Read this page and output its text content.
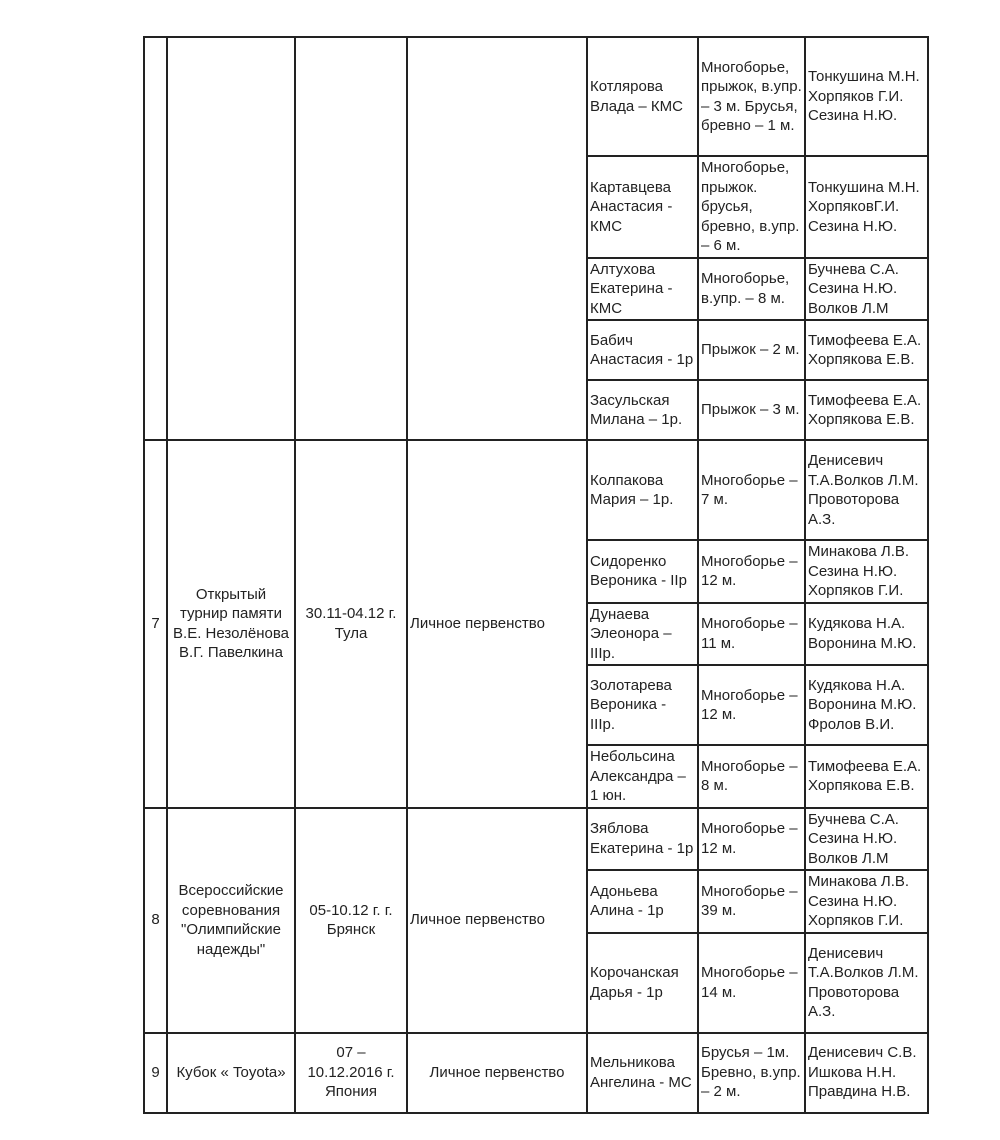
				Котлярова Влада – КМС	Многоборье, прыжок, в.упр. – 3 м. Брусья, бревно – 1 м.	Тонкушина М.Н. Хорпяков Г.И. Сезина Н.Ю.
				Картавцева Анастасия - КМС	Многоборье, прыжок. брусья, бревно, в.упр. – 6 м.	Тонкушина М.Н. ХорпяковГ.И. Сезина Н.Ю.
				Алтухова Екатерина - КМС	Многоборье, в.упр. – 8 м.	Бучнева С.А. Сезина Н.Ю. Волков Л.М
				Бабич Анастасия - 1р	Прыжок – 2 м.	Тимофеева Е.А. Хорпякова Е.В.
				Засульская Милана – 1р.	Прыжок – 3 м.	Тимофеева Е.А. Хорпякова Е.В.
7	Открытый турнир памяти В.Е. Незолёнова В.Г. Павелкина	30.11-04.12 г. Тула	Личное первенство	Колпакова Мария – 1р.	Многоборье – 7 м.	Денисевич Т.А.Волков Л.М. Провоторова А.З.
				Сидоренко Вероника - IIр	Многоборье – 12 м.	Минакова Л.В. Сезина Н.Ю. Хорпяков Г.И.
				Дунаева Элеонора – IIIр.	Многоборье – 11 м.	Кудякова Н.А. Воронина М.Ю.
				Золотарева Вероника - IIIр.	Многоборье – 12 м.	Кудякова Н.А. Воронина М.Ю. Фролов В.И.
				Небольсина Александра – 1 юн.	Многоборье – 8 м.	Тимофеева Е.А. Хорпякова Е.В.
8	Всероссийские соревнования "Олимпийские надежды"	05-10.12 г. г. Брянск	Личное первенство	Зяблова Екатерина - 1р	Многоборье – 12 м.	Бучнева С.А. Сезина Н.Ю. Волков Л.М
				Адоньева Алина - 1р	Многоборье – 39 м.	Минакова Л.В. Сезина Н.Ю. Хорпяков Г.И.
				Корочанская Дарья - 1р	Многоборье – 14 м.	Денисевич Т.А.Волков Л.М. Провоторова А.З.
9	Кубок « Toyota»	07 – 10.12.2016 г. Япония	Личное первенство	Мельникова Ангелина - МС	Брусья – 1м. Бревно, в.упр. – 2 м.	Денисевич С.В. Ишкова Н.Н. Правдина Н.В.
